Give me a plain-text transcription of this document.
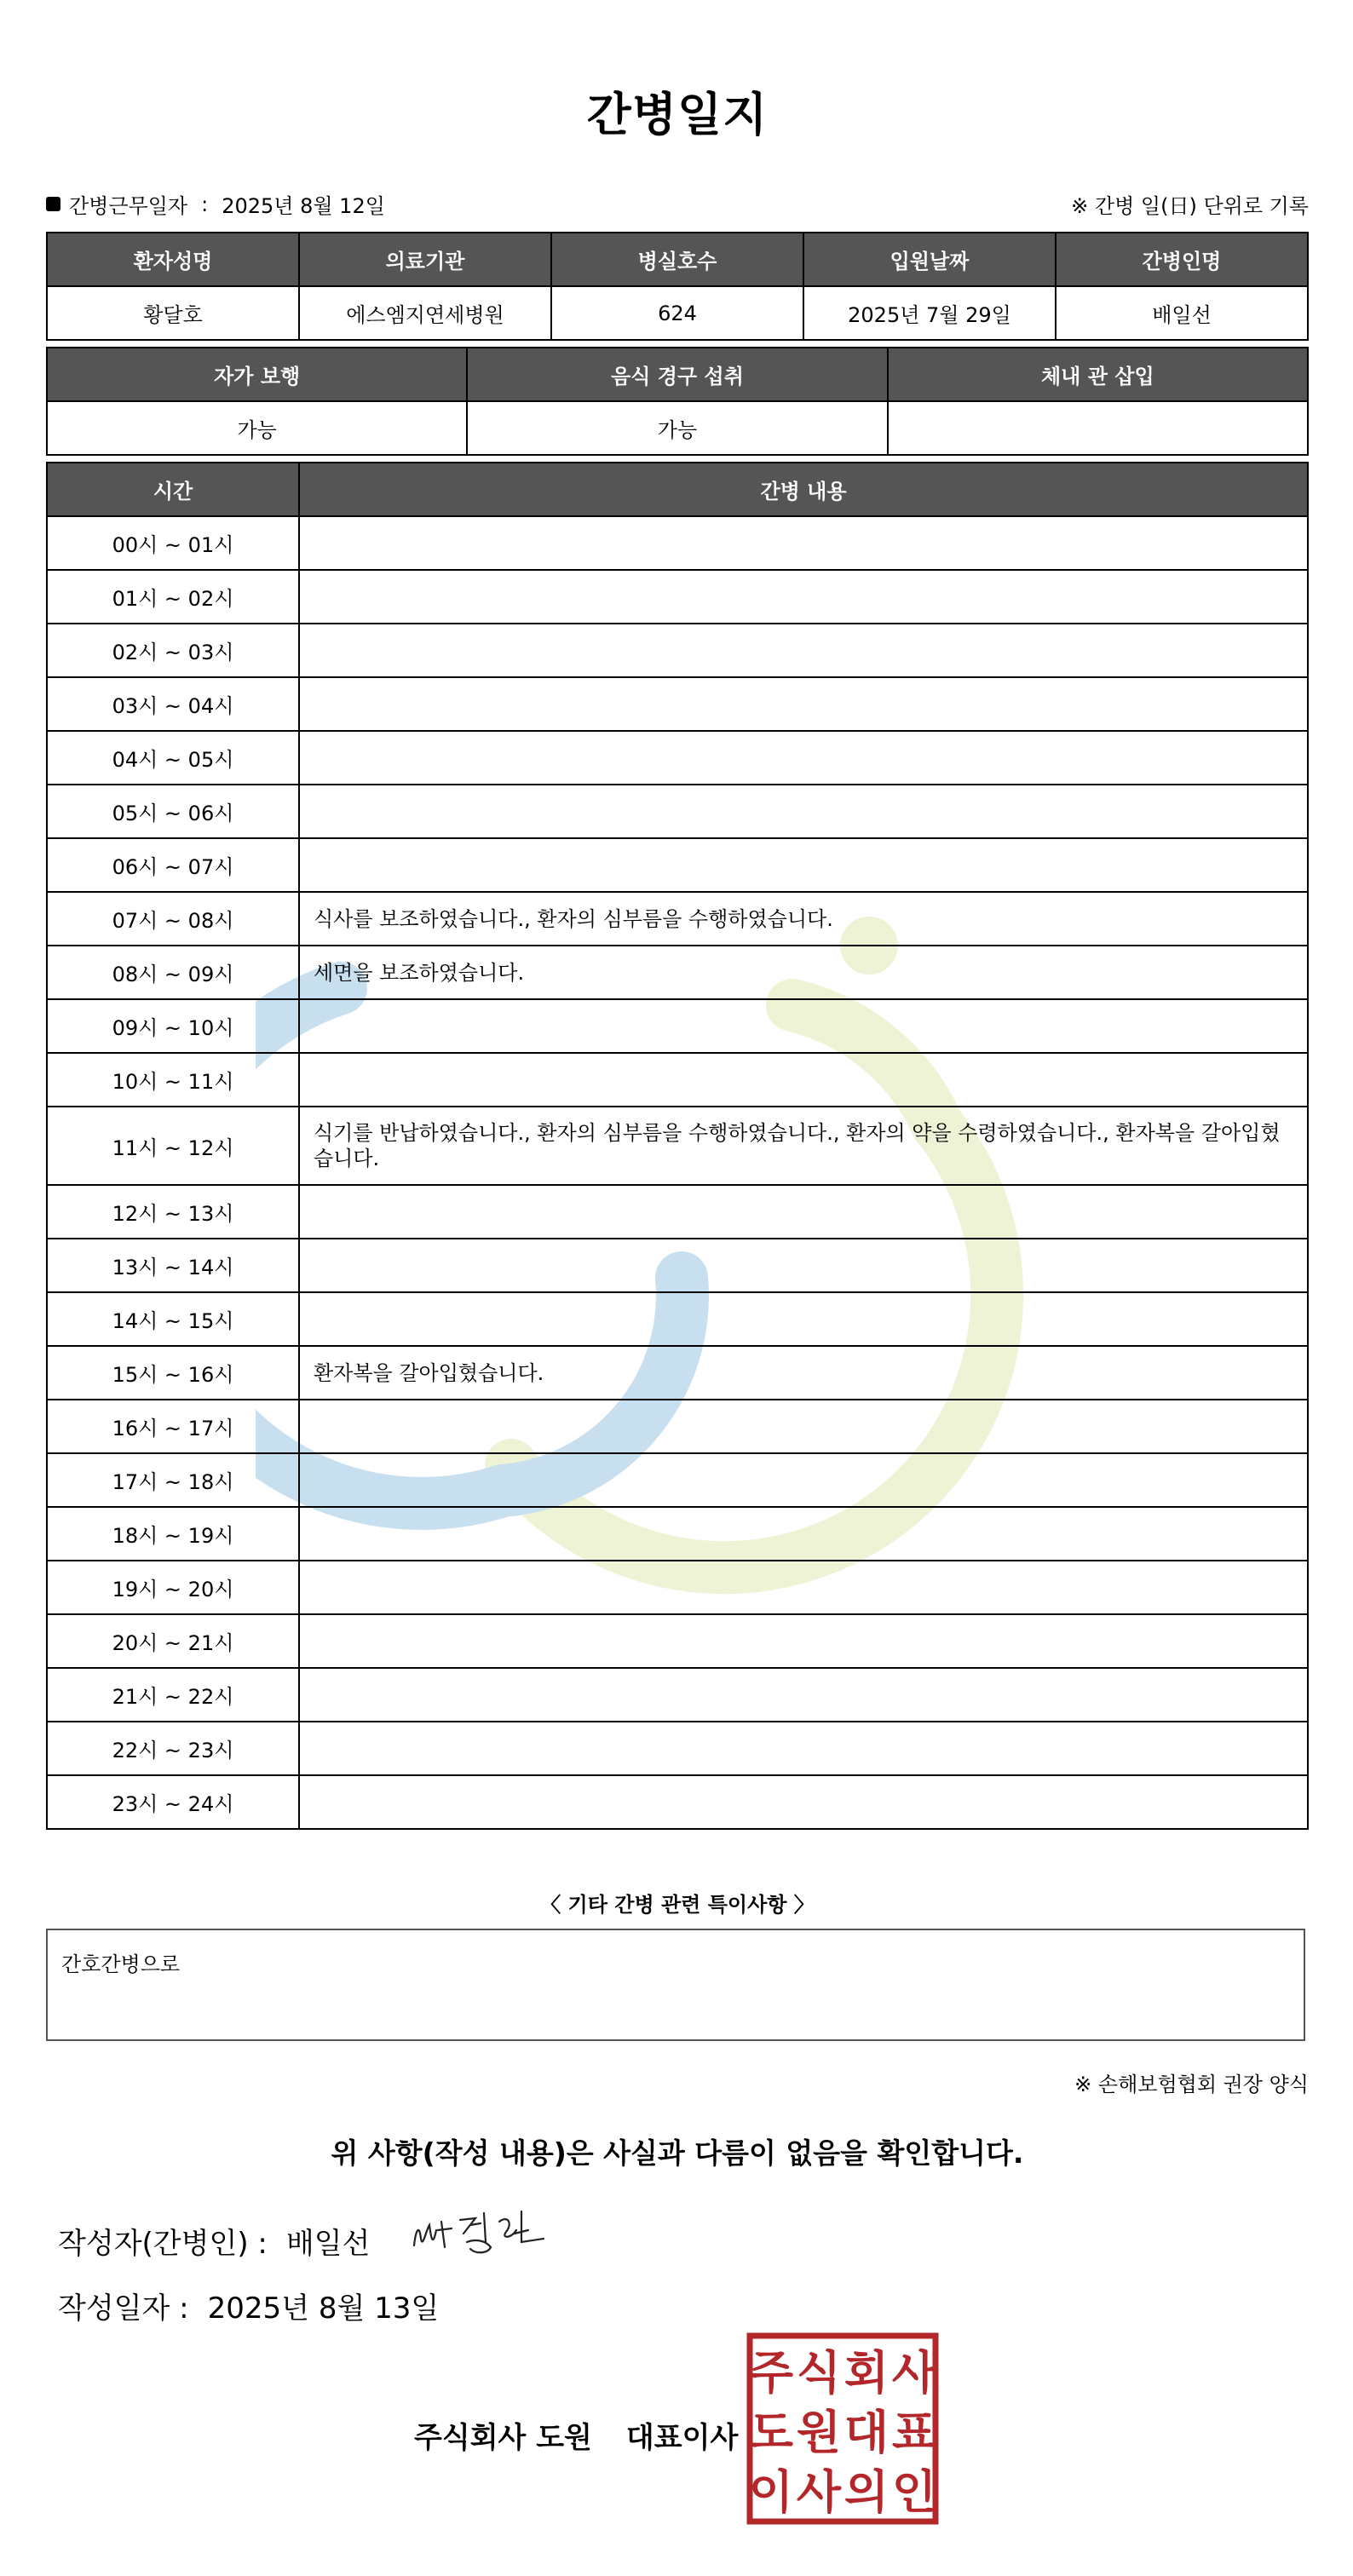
간병일지
간병근무일자 : 2025년 8월 12일	※ 간병 일(日) 단위로 기록
환자성명	의료기관	병실호수	입원날짜	간병인명
황달호	에스엠지연세병원	624	2025년 7월 29일	배일선
자가 보행	음식 경구 섭취	체내 관 삽입
가능	가능	
시간	간병 내용
00시 ~ 01시	
01시 ~ 02시	
02시 ~ 03시	
03시 ~ 04시	
04시 ~ 05시	
05시 ~ 06시	
06시 ~ 07시	
07시 ~ 08시	식사를 보조하였습니다., 환자의 심부름을 수행하였습니다.
08시 ~ 09시	세면을 보조하였습니다.
09시 ~ 10시	
10시 ~ 11시	
11시 ~ 12시	식기를 반납하였습니다., 환자의 심부름을 수행하였습니다., 환자의 약을 수령하였습니다., 환자복을 갈아입혔습니다.
12시 ~ 13시	
13시 ~ 14시	
14시 ~ 15시	
15시 ~ 16시	환자복을 갈아입혔습니다.
16시 ~ 17시	
17시 ~ 18시	
18시 ~ 19시	
19시 ~ 20시	
20시 ~ 21시	
21시 ~ 22시	
22시 ~ 23시	
23시 ~ 24시	
〈 기타 간병 관련 특이사항 〉
간호간병으로
※ 손해보험협회 권장 양식
위 사항(작성 내용)은 사실과 다름이 없음을 확인합니다.
작성자(간병인) : 배일선
작성일자 : 2025년 8월 13일
주식회사 도원 대표이사
주 식 회 사
도 원 대 표
이 사 의 인
